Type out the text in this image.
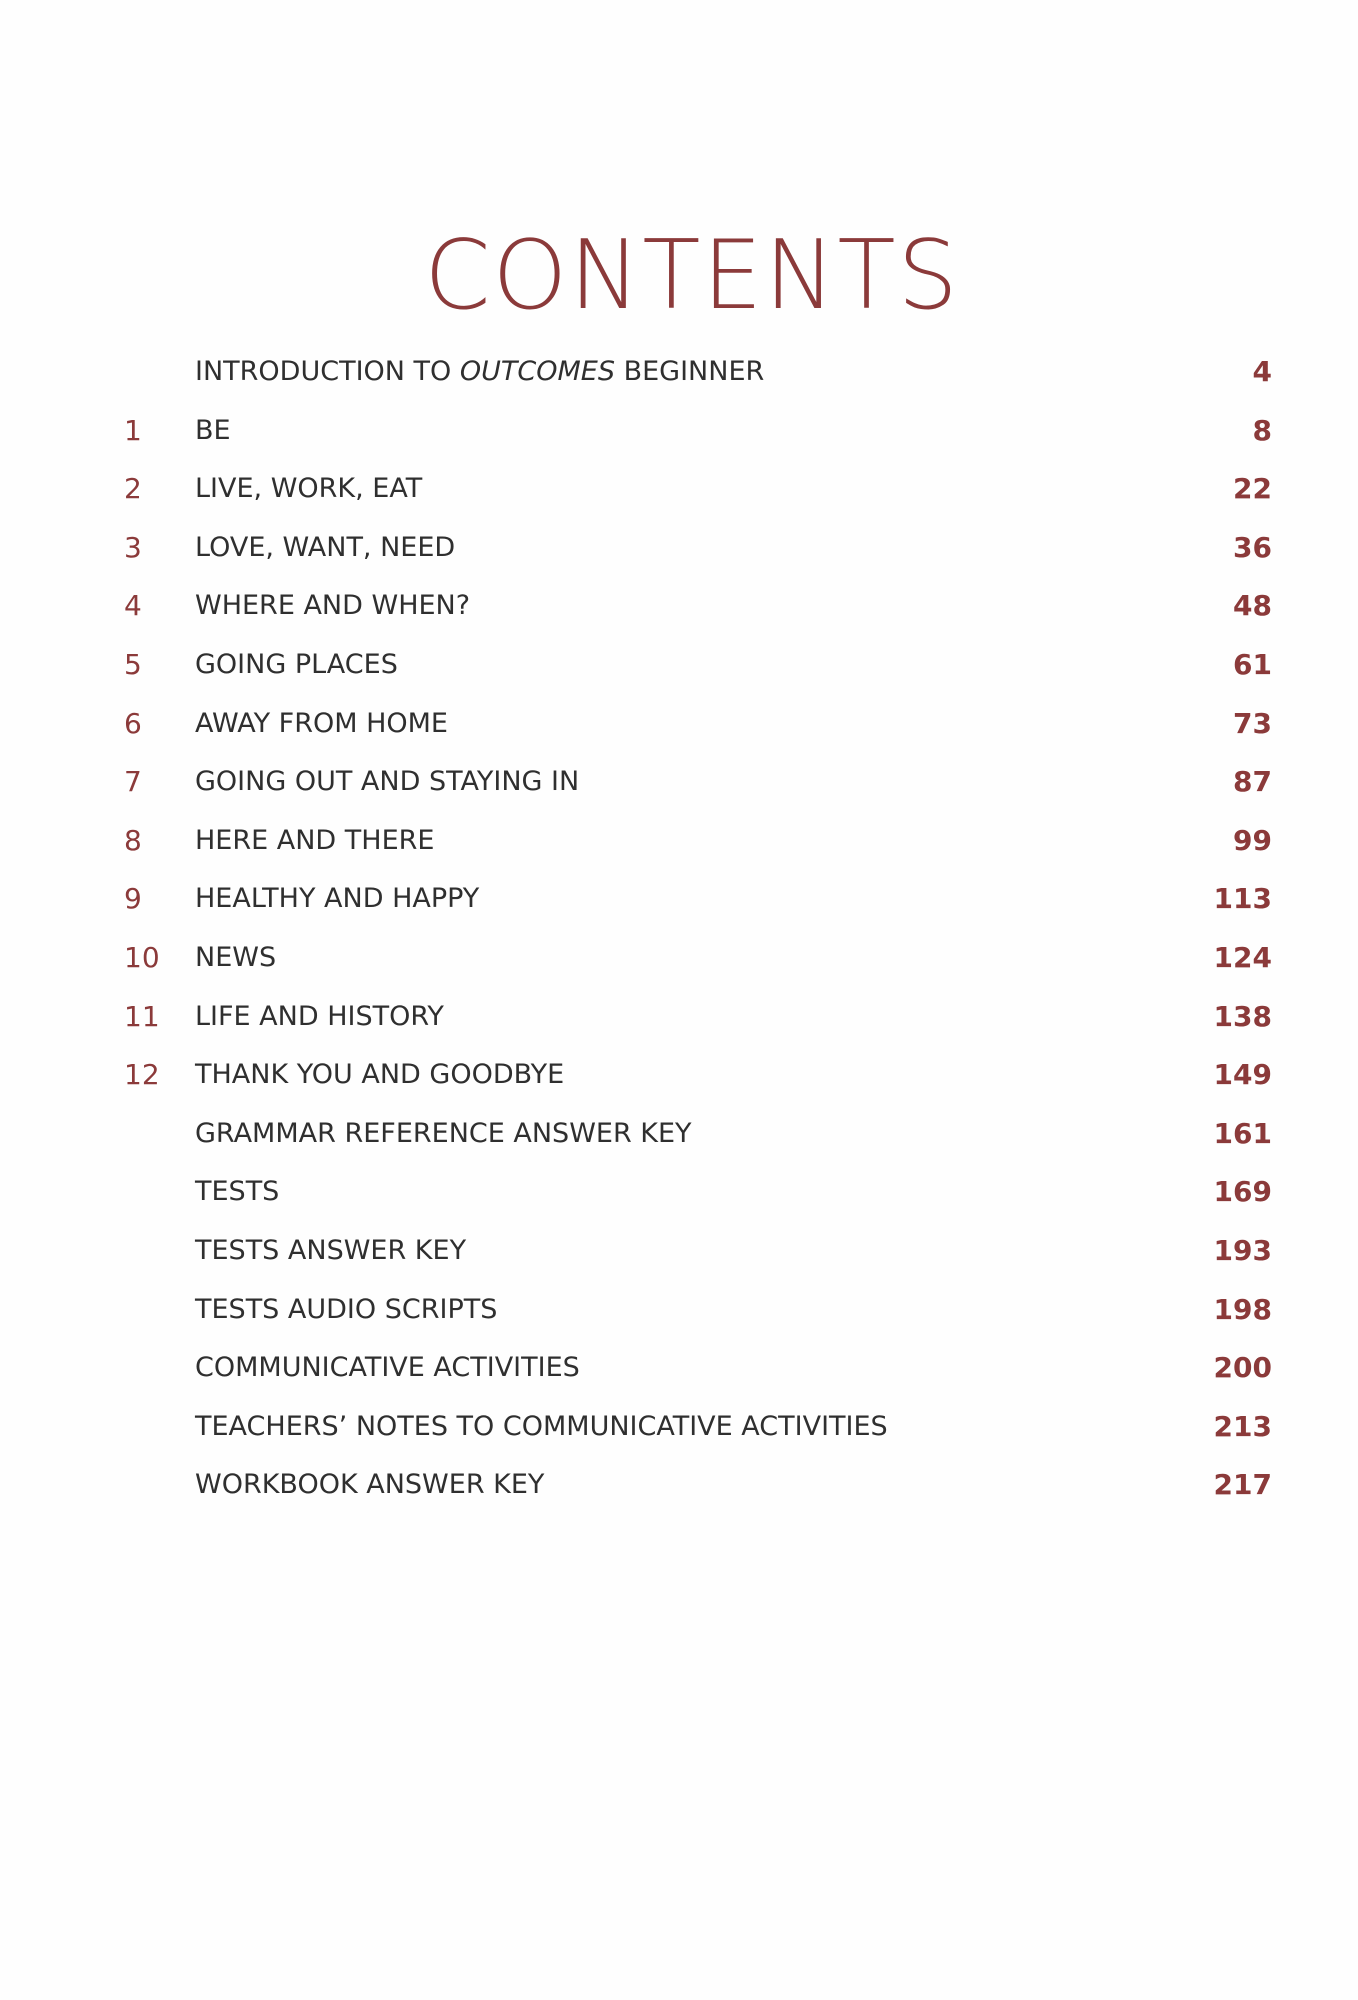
CONTENTS
INTRODUCTION TO OUTCOMES BEGINNER	4
1	BE	8
2	LIVE, WORK, EAT	22
3	LOVE, WANT, NEED	36
4	WHERE AND WHEN?	48
5	GOING PLACES	61
6	AWAY FROM HOME	73
7	GOING OUT AND STAYING IN	87
8	HERE AND THERE	99
9	HEALTHY AND HAPPY	113
10	NEWS	124
11	LIFE AND HISTORY	138
12	THANK YOU AND GOODBYE	149
GRAMMAR REFERENCE ANSWER KEY	161
TESTS	169
TESTS ANSWER KEY	193
TESTS AUDIO SCRIPTS	198
COMMUNICATIVE ACTIVITIES	200
TEACHERS’ NOTES TO COMMUNICATIVE ACTIVITIES	213
WORKBOOK ANSWER KEY	217
